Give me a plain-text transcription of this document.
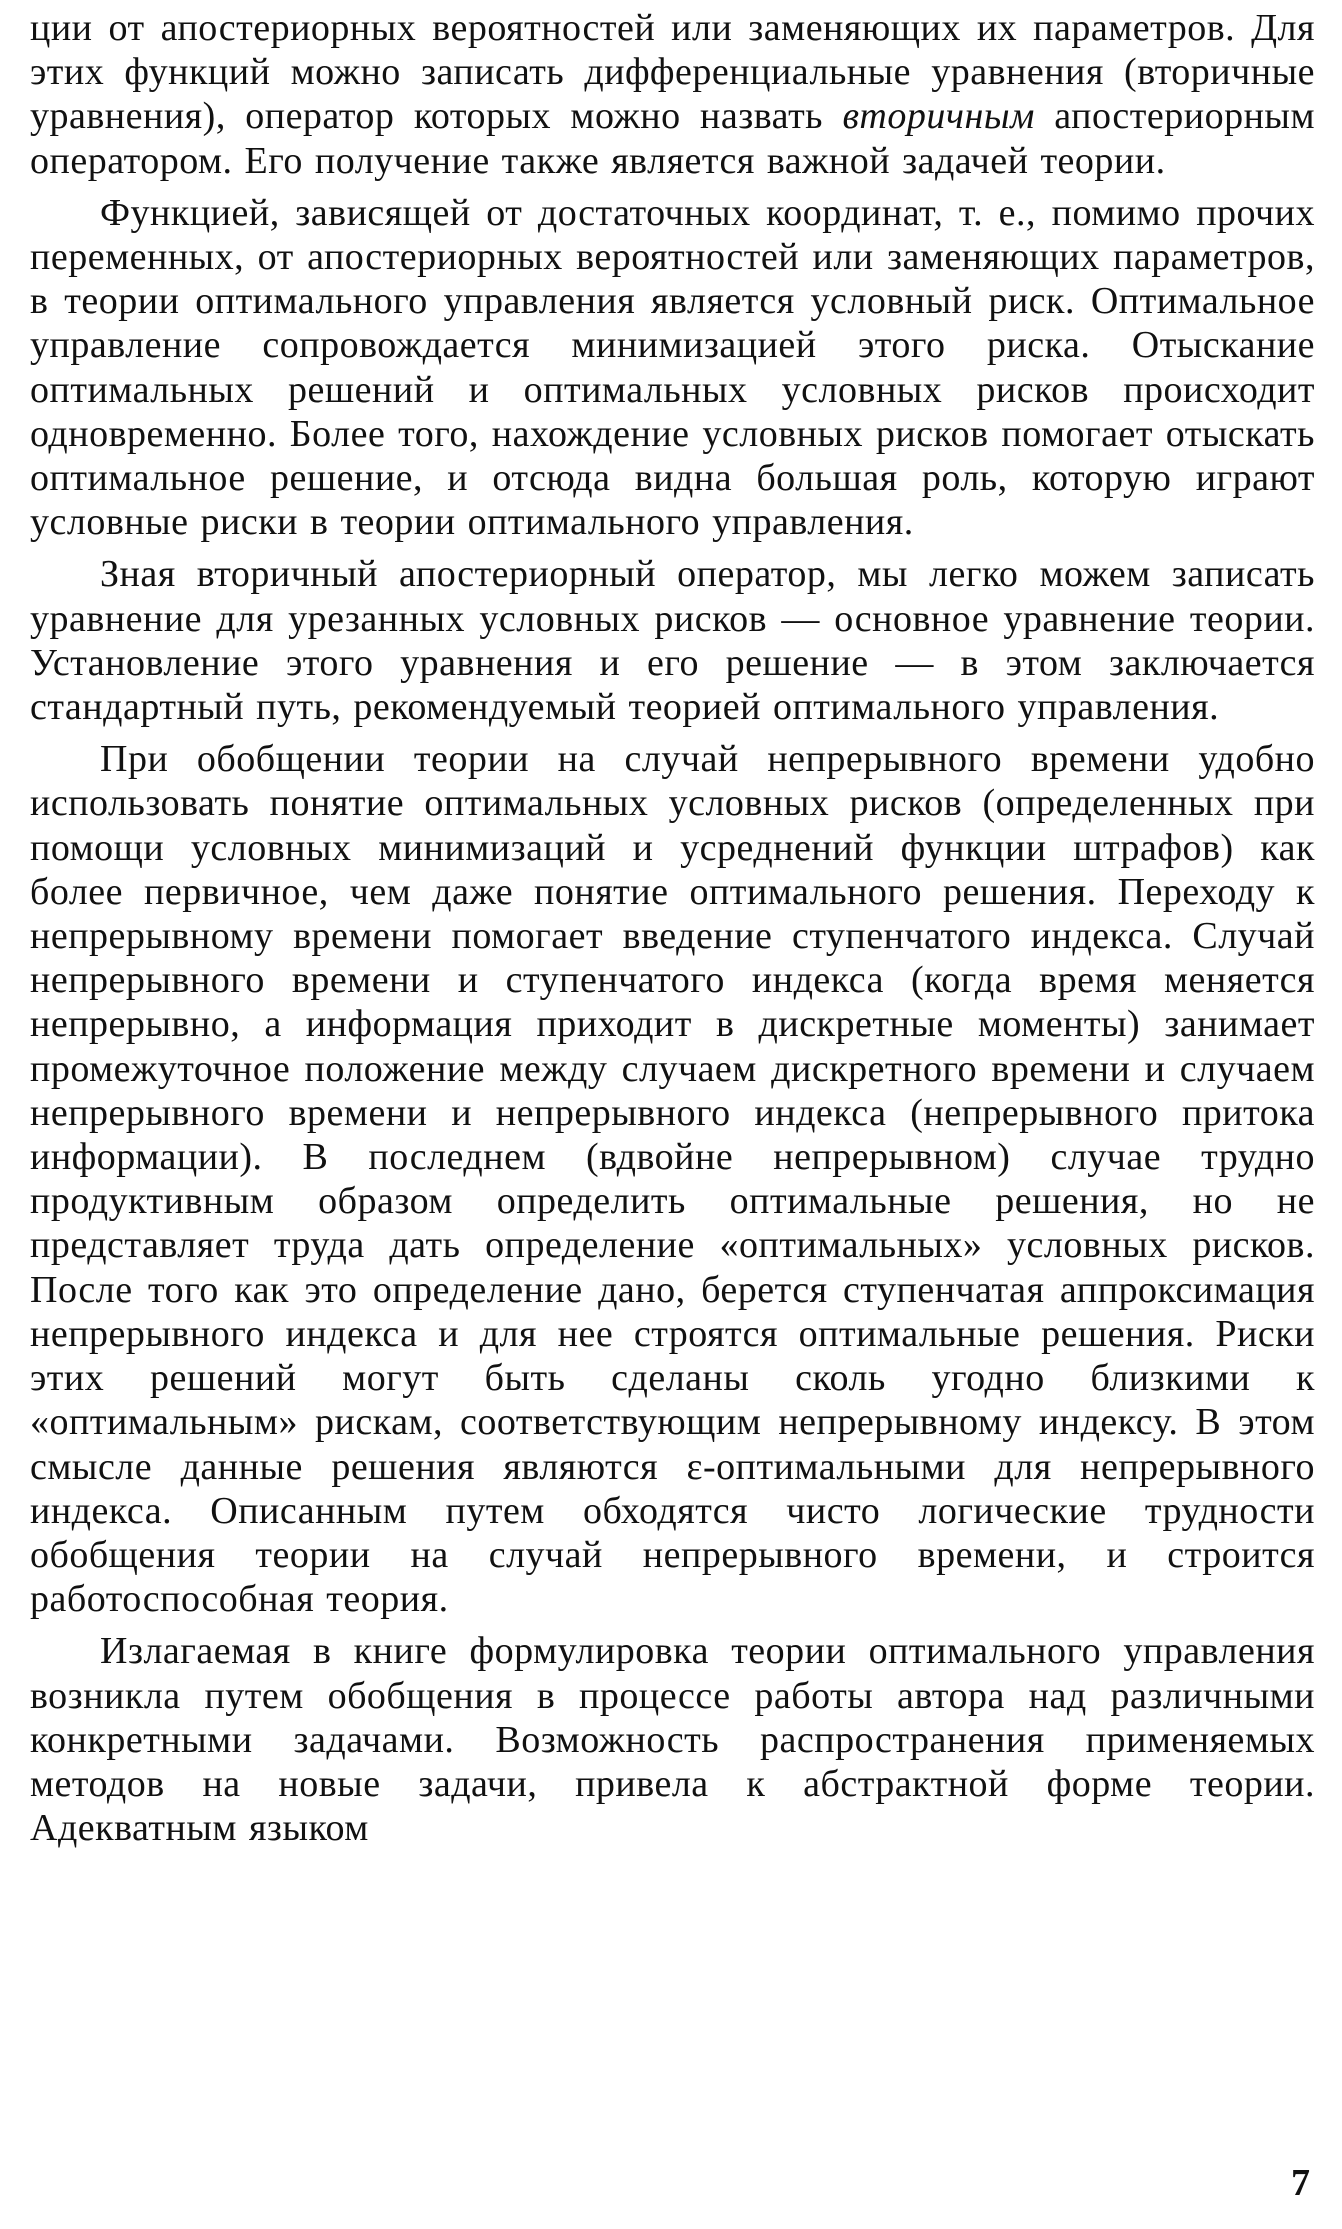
ции от апостериорных вероятностей или заменяющих их параметров. Для этих функций можно записать дифференциальные уравнения (вторичные уравнения), оператор которых можно назвать вторичным апостериорным оператором. Его получение также является важной задачей теории.

Функцией, зависящей от достаточных координат, т. е., помимо прочих переменных, от апостериорных вероятностей или заменяющих параметров, в теории оптимального управления является условный риск. Оптимальное управление сопровождается минимизацией этого риска. Отыскание оптимальных решений и оптимальных условных рисков происходит одновременно. Более того, нахождение условных рисков помогает отыскать оптимальное решение, и отсюда видна большая роль, которую играют условные риски в теории оптимального управления.

Зная вторичный апостериорный оператор, мы легко можем записать уравнение для урезанных условных рисков — основное уравнение теории. Установление этого уравнения и его решение — в этом заключается стандартный путь, рекомендуемый теорией оптимального управления.

При обобщении теории на случай непрерывного времени удобно использовать понятие оптимальных условных рисков (определенных при помощи условных минимизаций и усреднений функции штрафов) как более первичное, чем даже понятие оптимального решения. Переходу к непрерывному времени помогает введение ступенчатого индекса. Случай непрерывного времени и ступенчатого индекса (когда время меняется непрерывно, а информация приходит в дискретные моменты) занимает промежуточное положение между случаем дискретного времени и случаем непрерывного времени и непрерывного индекса (непрерывного притока информации). В последнем (вдвойне непрерывном) случае трудно продуктивным образом определить оптимальные решения, но не представляет труда дать определение «оптимальных» условных рисков. После того как это определение дано, берется ступенчатая аппроксимация непрерывного индекса и для нее строятся оптимальные решения. Риски этих решений могут быть сделаны сколь угодно близкими к «оптимальным» рискам, соответствующим непрерывному индексу. В этом смысле данные решения являются ε-оптимальными для непрерывного индекса. Описанным путем обходятся чисто логические трудности обобщения теории на случай непрерывного времени, и строится работоспособная теория.

Излагаемая в книге формулировка теории оптимального управления возникла путем обобщения в процессе работы автора над различными конкретными задачами. Возможность распространения применяемых методов на новые задачи, привела к абстрактной форме теории. Адекватным языком

7
